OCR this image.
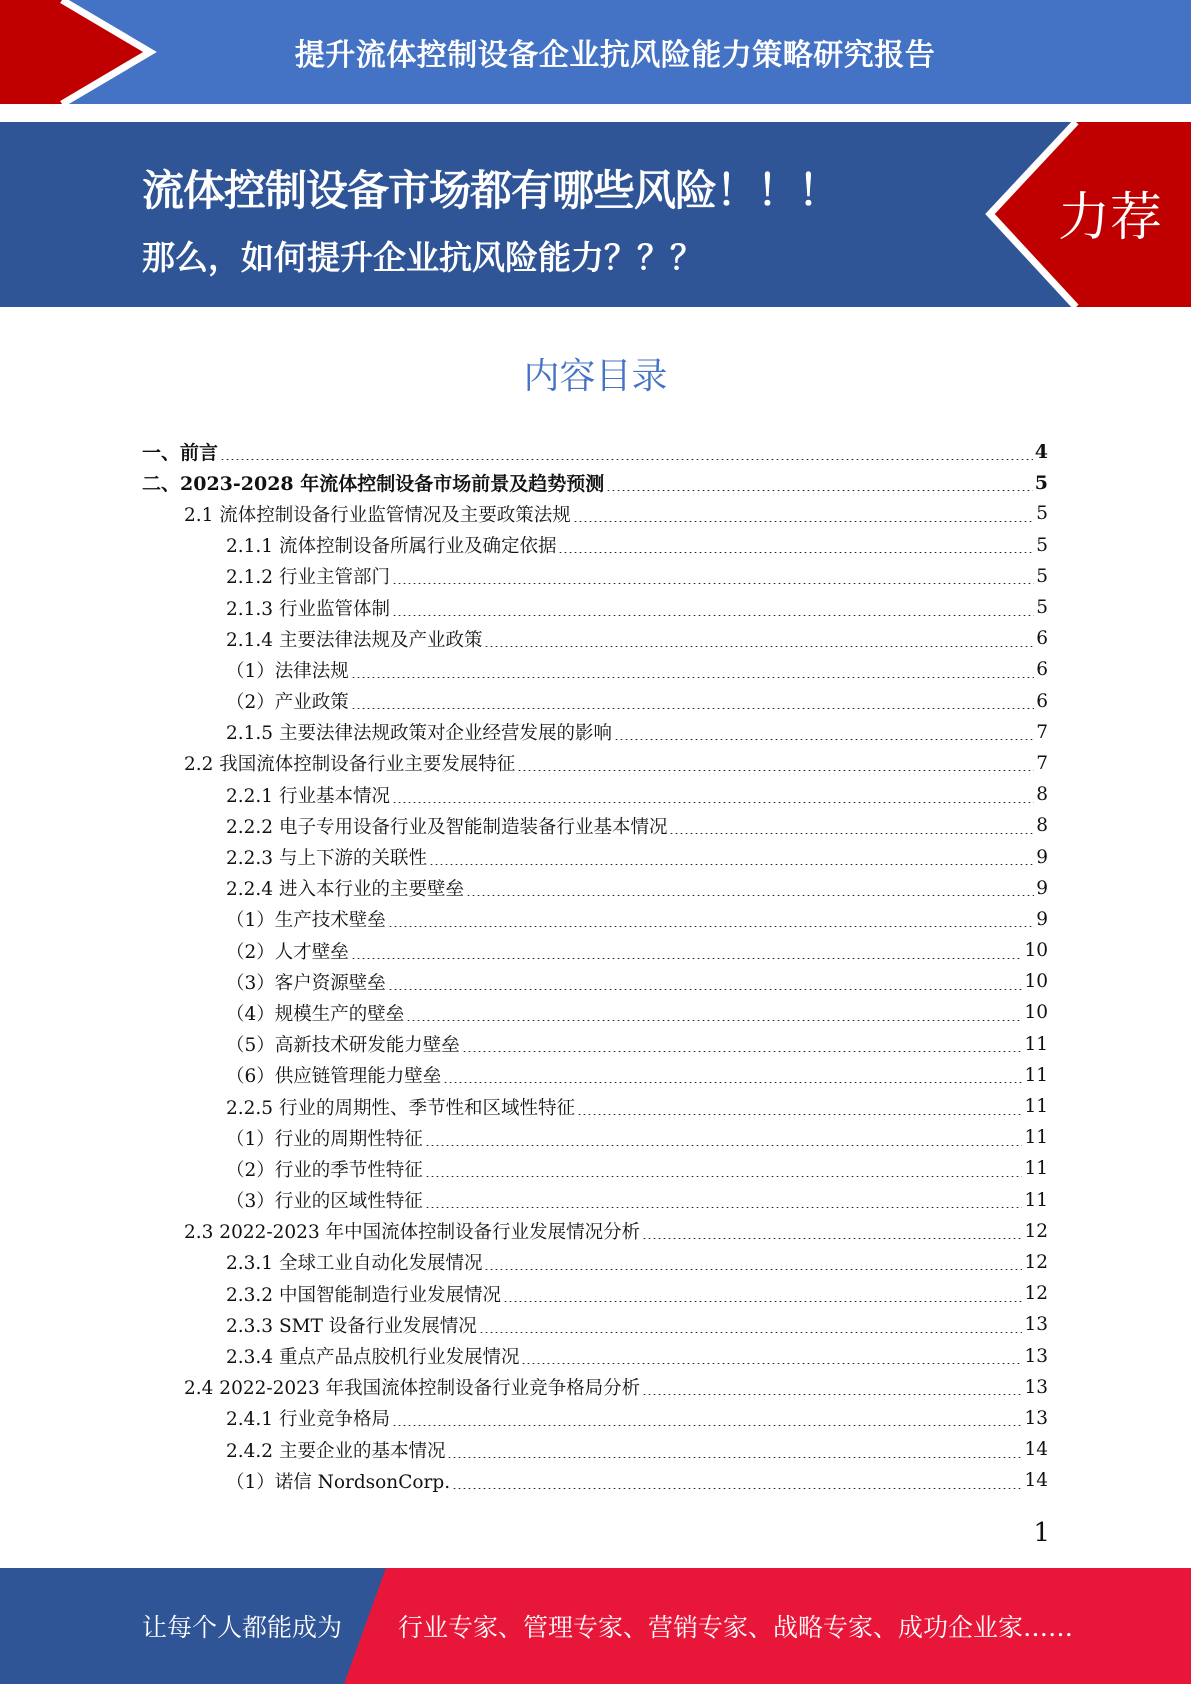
提升流体控制设备企业抗风险能力策略研究报告
流体控制设备市场都有哪些风险！！！
那么，如何提升企业抗风险能力？？？
力荐
内容目录
一、前言	4
二、2023-2028 年流体控制设备市场前景及趋势预测	5
2.1 流体控制设备行业监管情况及主要政策法规	5
2.1.1 流体控制设备所属行业及确定依据	5
2.1.2 行业主管部门	5
2.1.3 行业监管体制	5
2.1.4 主要法律法规及产业政策	6
（1）法律法规	6
（2）产业政策	6
2.1.5 主要法律法规政策对企业经营发展的影响	7
2.2 我国流体控制设备行业主要发展特征	7
2.2.1 行业基本情况	8
2.2.2 电子专用设备行业及智能制造装备行业基本情况	8
2.2.3 与上下游的关联性	9
2.2.4 进入本行业的主要壁垒	9
（1）生产技术壁垒	9
（2）人才壁垒	10
（3）客户资源壁垒	10
（4）规模生产的壁垒	10
（5）高新技术研发能力壁垒	11
（6）供应链管理能力壁垒	11
2.2.5 行业的周期性、季节性和区域性特征	11
（1）行业的周期性特征	11
（2）行业的季节性特征	11
（3）行业的区域性特征	11
2.3 2022-2023 年中国流体控制设备行业发展情况分析	12
2.3.1 全球工业自动化发展情况	12
2.3.2 中国智能制造行业发展情况	12
2.3.3 SMT 设备行业发展情况	13
2.3.4 重点产品点胶机行业发展情况	13
2.4 2022-2023 年我国流体控制设备行业竞争格局分析	13
2.4.1 行业竞争格局	13
2.4.2 主要企业的基本情况	14
（1）诺信 NordsonCorp.	14
1
让每个人都能成为 行业专家、管理专家、营销专家、战略专家、成功企业家……
